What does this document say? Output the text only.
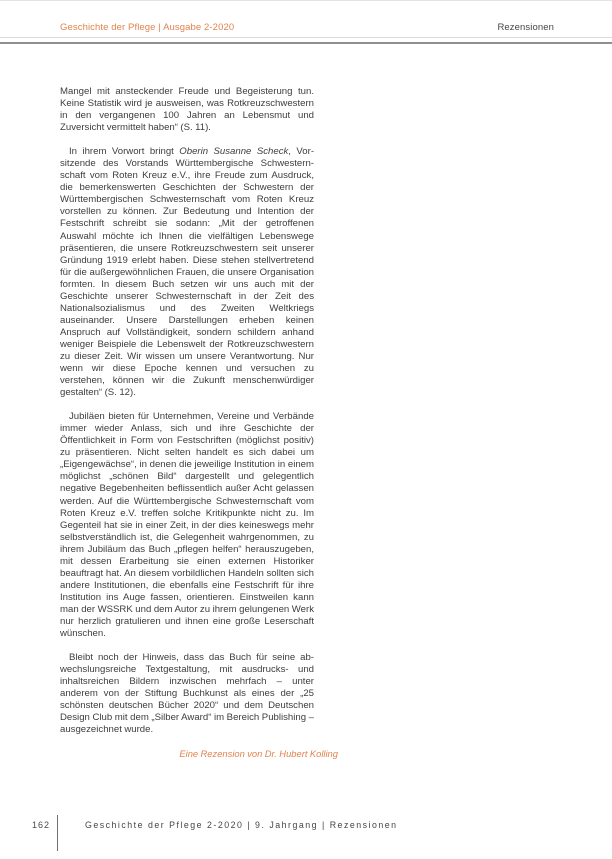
Geschichte der Pflege | Ausgabe 2-2020	Rezensionen

Mangel mit ansteckender Freude und Begeisterung tun. Keine Statistik wird je ausweisen, was Rotkreuzschwestern in den vergangenen 100 Jahren an Lebensmut und Zuversicht vermittelt haben“ (S. 11).

In ihrem Vorwort bringt Oberin Susanne Scheck, Vorsitzende des Vorstands Württembergische Schwesternschaft vom Roten Kreuz e.V., ihre Freude zum Ausdruck, die bemerkenswerten Geschichten der Schwestern der Württembergischen Schwesternschaft vom Roten Kreuz vorstellen zu können. Zur Bedeutung und Intention der Festschrift schreibt sie sodann: „Mit der getroffenen Auswahl möchte ich Ihnen die vielfältigen Lebenswege präsentieren, die unsere Rotkreuzschwestern seit unserer Gründung 1919 erlebt haben. Diese stehen stellvertretend für die außergewöhnlichen Frauen, die unsere Organisation formten. In diesem Buch setzen wir uns auch mit der Geschichte unserer Schwesternschaft in der Zeit des Nationalsozialismus und des Zweiten Weltkriegs auseinander. Unsere Darstellungen erheben keinen Anspruch auf Vollständigkeit, sondern schildern anhand weniger Beispiele die Lebenswelt der Rotkreuzschwestern zu dieser Zeit. Wir wissen um unsere Verantwortung. Nur wenn wir diese Epoche kennen und versuchen zu verstehen, können wir die Zukunft menschenwürdiger gestalten“ (S. 12).

Jubiläen bieten für Unternehmen, Vereine und Verbände immer wieder Anlass, sich und ihre Geschichte der Öffentlichkeit in Form von Festschriften (möglichst positiv) zu präsentieren. Nicht selten handelt es sich dabei um „Eigengewächse“, in denen die jeweilige Institution in einem möglichst „schönen Bild“ dargestellt und gelegentlich negative Begebenheiten beflissentlich außer Acht gelassen werden. Auf die Württembergische Schwesternschaft vom Roten Kreuz e.V. treffen solche Kritikpunkte nicht zu. Im Gegenteil hat sie in einer Zeit, in der dies keineswegs mehr selbstverständlich ist, die Gelegenheit wahrgenommen, zu ihrem Jubiläum das Buch „pflegen helfen“ herauszugeben, mit dessen Erarbeitung sie einen externen Historiker beauftragt hat. An diesem vorbildlichen Handeln sollten sich andere Institutionen, die ebenfalls eine Festschrift für ihre Institution ins Auge fassen, orientieren. Einstweilen kann man der WSSRK und dem Autor zu ihrem gelungenen Werk nur herzlich gratulieren und ihnen eine große Leserschaft wünschen.

Bleibt noch der Hinweis, dass das Buch für seine abwechslungsreiche Textgestaltung, mit ausdrucks- und inhaltsreichen Bildern inzwischen mehrfach – unter anderem von der Stiftung Buchkunst als eines der „25 schönsten deutschen Bücher 2020“ und dem Deutschen Design Club mit dem „Silber Award“ im Bereich Publishing – ausgezeichnet wurde.

Eine Rezension von Dr. Hubert Kolling

162	Geschichte der Pflege 2-2020 | 9. Jahrgang | Rezensionen
